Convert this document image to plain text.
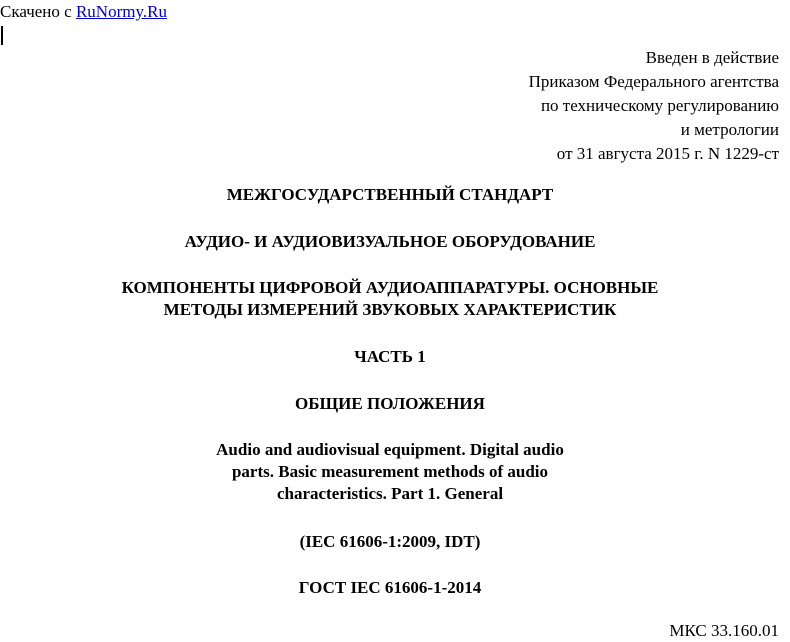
Скачено с RuNormy.Ru
Введен в действие
Приказом Федерального агентства
по техническому регулированию
и метрологии
от 31 августа 2015 г. N 1229-ст
МЕЖГОСУДАРСТВЕННЫЙ СТАНДАРТ
АУДИО- И АУДИОВИЗУАЛЬНОЕ ОБОРУДОВАНИЕ
КОМПОНЕНТЫ ЦИФРОВОЙ АУДИОАППАРАТУРЫ. ОСНОВНЫЕ
МЕТОДЫ ИЗМЕРЕНИЙ ЗВУКОВЫХ ХАРАКТЕРИСТИК
ЧАСТЬ 1
ОБЩИЕ ПОЛОЖЕНИЯ
Audio and audiovisual equipment. Digital audio
parts. Basic measurement methods of audio
characteristics. Part 1. General
(IEC 61606-1:2009, IDT)
ГОСТ IEC 61606-1-2014
МКС 33.160.01
